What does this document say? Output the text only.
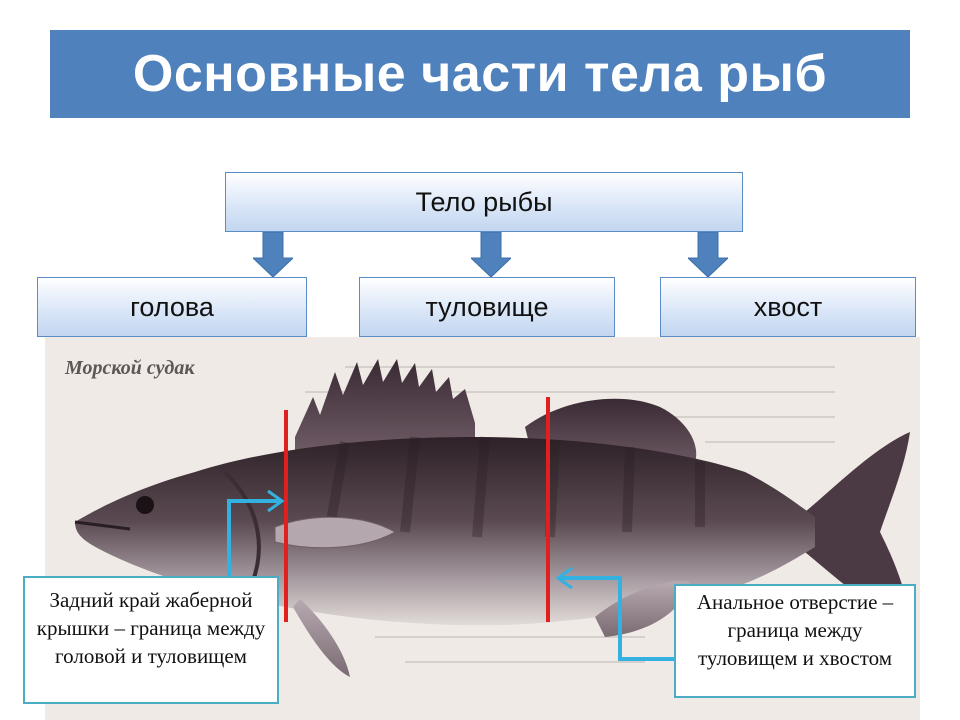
Основные части тела рыб
Тело рыбы
голова	туловище	хвост
Морской судак
Задний край жаберной крышки – граница между головой и туловищем
Анальное отверстие – граница между туловищем и хвостом
